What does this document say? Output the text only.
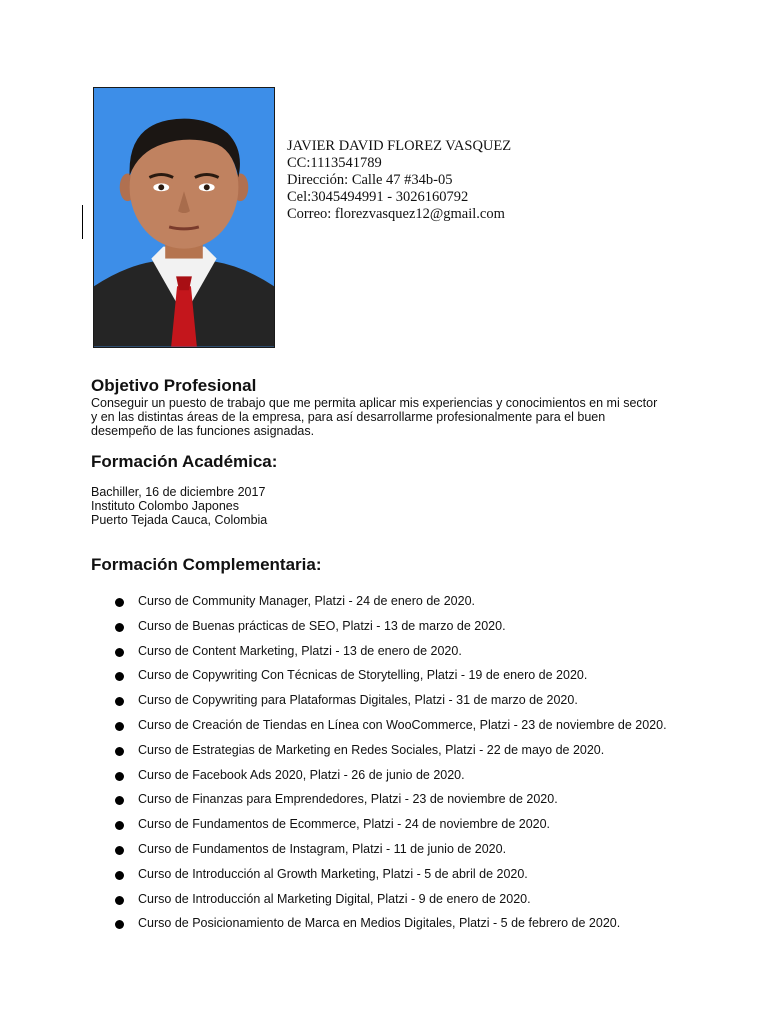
JAVIER DAVID FLOREZ VASQUEZ
CC:1113541789
Dirección: Calle 47 #34b-05
Cel:3045494991 - 3026160792
Correo: florezvasquez12@gmail.com
Objetivo Profesional
Conseguir un puesto de trabajo que me permita aplicar mis experiencias y conocimientos en mi sector
y en las distintas áreas de la empresa, para así desarrollarme profesionalmente para el buen
desempeño de las funciones asignadas.
Formación Académica:
Bachiller, 16 de diciembre 2017
Instituto Colombo Japones
Puerto Tejada Cauca, Colombia
Formación Complementaria:
Curso de Community Manager, Platzi - 24 de enero de 2020.
Curso de Buenas prácticas de SEO, Platzi - 13 de marzo de 2020.
Curso de Content Marketing, Platzi - 13 de enero de 2020.
Curso de Copywriting Con Técnicas de Storytelling, Platzi - 19 de enero de 2020.
Curso de Copywriting para Plataformas Digitales, Platzi - 31 de marzo de 2020.
Curso de Creación de Tiendas en Línea con WooCommerce, Platzi - 23 de noviembre de 2020.
Curso de Estrategias de Marketing en Redes Sociales, Platzi - 22 de mayo de 2020.
Curso de Facebook Ads 2020, Platzi - 26 de junio de 2020.
Curso de Finanzas para Emprendedores, Platzi - 23 de noviembre de 2020.
Curso de Fundamentos de Ecommerce, Platzi - 24 de noviembre de 2020.
Curso de Fundamentos de Instagram, Platzi - 11 de junio de 2020.
Curso de Introducción al Growth Marketing, Platzi - 5 de abril de 2020.
Curso de Introducción al Marketing Digital, Platzi - 9 de enero de 2020.
Curso de Posicionamiento de Marca en Medios Digitales, Platzi - 5 de febrero de 2020.
